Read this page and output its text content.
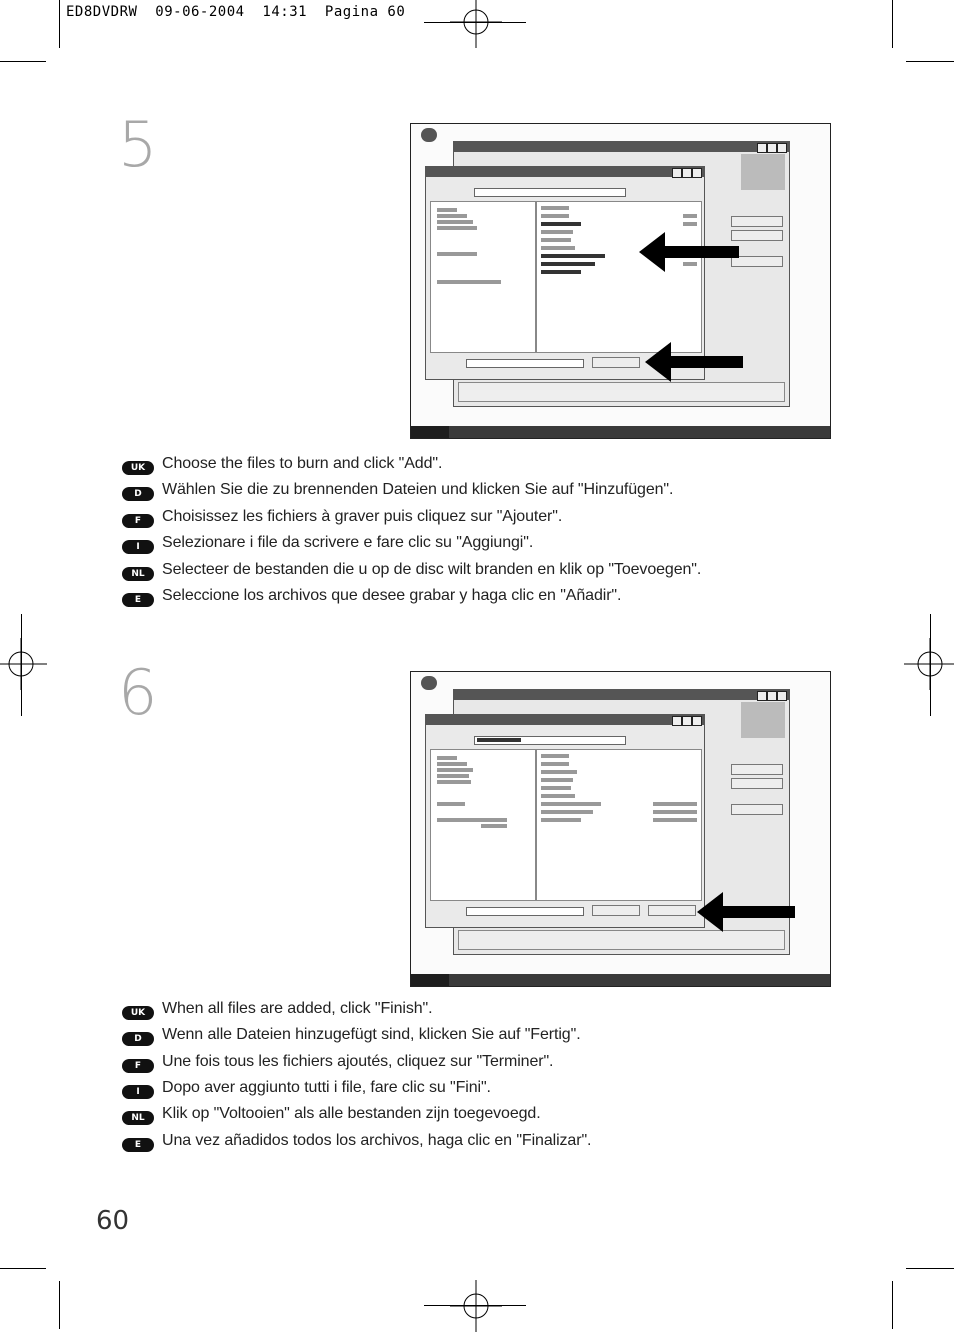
ED8DVDRW  09-06-2004  14:31  Pagina 60
5
UK	Choose the files to burn and click "Add".
D	Wählen Sie die zu brennenden Dateien und klicken Sie auf "Hinzufügen".
F	Choisissez les fichiers à graver puis cliquez sur "Ajouter".
I	Selezionare i file da scrivere e fare clic su "Aggiungi".
NL	Selecteer de bestanden die u op de disc wilt branden en klik op "Toevoegen".
E	Seleccione los archivos que desee grabar y haga clic en "Añadir".
6
UK	When all files are added, click "Finish".
D	Wenn alle Dateien hinzugefügt sind, klicken Sie auf "Fertig".
F	Une fois tous les fichiers ajoutés, cliquez sur "Terminer".
I	Dopo aver aggiunto tutti i file, fare clic su "Fini".
NL	Klik op "Voltooien" als alle bestanden zijn toegevoegd.
E	Una vez añadidos todos los archivos, haga clic en "Finalizar".
60
